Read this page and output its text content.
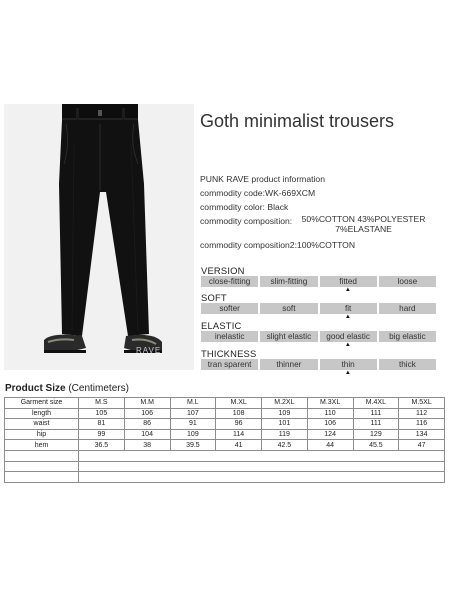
RAVE
Goth minimalist trousers
PUNK RAVE product information
commodity code: WK-669XCM
commodity color:
Black
commodity composition:
	50%COTTON 43%POLYESTER 7%ELASTANE
commodity composition2: 100%COTTON
VERSION
close-fitting	slim-fitting	fitted	loose
▲
SOFT
softer	soft	fit	hard
▲
ELASTIC
inelastic	slight elastic	good elastic	big elastic
▲
THICKNESS
tran sparent	thinner	thin	thick
▲
Product Size (Centimeters)
Garment size	M.S	M.M	M.L	M.XL	M.2XL	M.3XL	M.4XL	M.5XL
length	105	106	107	108	109	110	111	112
waist	81	86	91	96	101	106	111	116
hip	99	104	109	114	119	124	129	134
hem	36.5	38	39.5	41	42.5	44	45.5	47
